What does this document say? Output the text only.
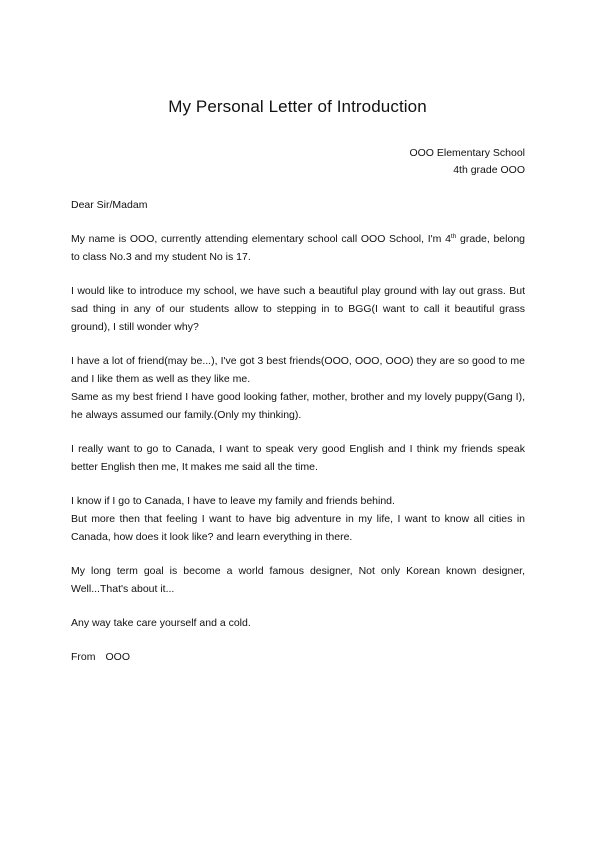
My Personal Letter of Introduction
OOO Elementary School
4th grade OOO

Dear Sir/Madam

My name is OOO, currently attending elementary school call OOO School, I'm 4th grade, belong to class No.3 and my student No is 17.

I would like to introduce my school, we have such a beautiful play ground with lay out grass. But sad thing in any of our students allow to stepping in to BGG(I want to call it beautiful grass ground), I still wonder why?

I have a lot of friend(may be...), I've got 3 best friends(OOO, OOO, OOO) they are so good to me and I like them as well as they like me.
Same as my best friend I have good looking father, mother, brother and my lovely puppy(Gang I), he always assumed our family.(Only my thinking).

I really want to go to Canada, I want to speak very good English and I think my friends speak better English then me, It makes me said all the time.

I know if I go to Canada, I have to leave my family and friends behind.
But more then that feeling I want to have big adventure in my life, I want to know all cities in Canada, how does it look like? and learn everything in there.

My long term goal is become a world famous designer, Not only Korean known designer, Well...That's about it...

Any way take care yourself and a cold.

From OOO
